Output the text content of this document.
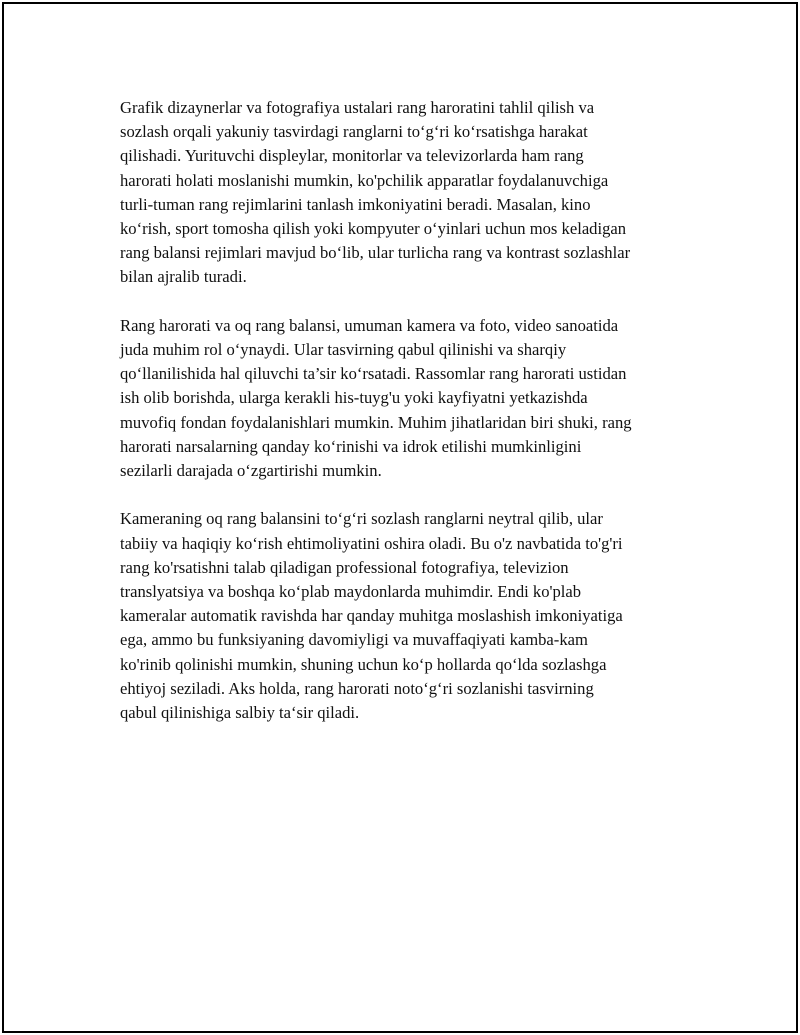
Grafik dizaynerlar va fotografiya ustalari rang haroratini tahlil qilish va
sozlash orqali yakuniy tasvirdagi ranglarni to‘g‘ri ko‘rsatishga harakat
qilishadi. Yurituvchi displeylar, monitorlar va televizorlarda ham rang
harorati holati moslanishi mumkin, ko'pchilik apparatlar foydalanuvchiga
turli-tuman rang rejimlarini tanlash imkoniyatini beradi. Masalan, kino
ko‘rish, sport tomosha qilish yoki kompyuter o‘yinlari uchun mos keladigan
rang balansi rejimlari mavjud bo‘lib, ular turlicha rang va kontrast sozlashlar
bilan ajralib turadi.

Rang harorati va oq rang balansi, umuman kamera va foto, video sanoatida
juda muhim rol o‘ynaydi. Ular tasvirning qabul qilinishi va sharqiy
qo‘llanilishida hal qiluvchi ta’sir ko‘rsatadi. Rassomlar rang harorati ustidan
ish olib borishda, ularga kerakli his-tuyg'u yoki kayfiyatni yetkazishda
muvofiq fondan foydalanishlari mumkin. Muhim jihatlaridan biri shuki, rang
harorati narsalarning qanday ko‘rinishi va idrok etilishi mumkinligini
sezilarli darajada o‘zgartirishi mumkin.

Kameraning oq rang balansini to‘g‘ri sozlash ranglarni neytral qilib, ular
tabiiy va haqiqiy ko‘rish ehtimoliyatini oshira oladi. Bu o'z navbatida to'g'ri
rang ko'rsatishni talab qiladigan professional fotografiya, televizion
translyatsiya va boshqa ko‘plab maydonlarda muhimdir. Endi ko'plab
kameralar automatik ravishda har qanday muhitga moslashish imkoniyatiga
ega, ammo bu funksiyaning davomiyligi va muvaffaqiyati kamba-kam
ko'rinib qolinishi mumkin, shuning uchun ko‘p hollarda qo‘lda sozlashga
ehtiyoj seziladi. Aks holda, rang harorati noto‘g‘ri sozlanishi tasvirning
qabul qilinishiga salbiy ta‘sir qiladi.
